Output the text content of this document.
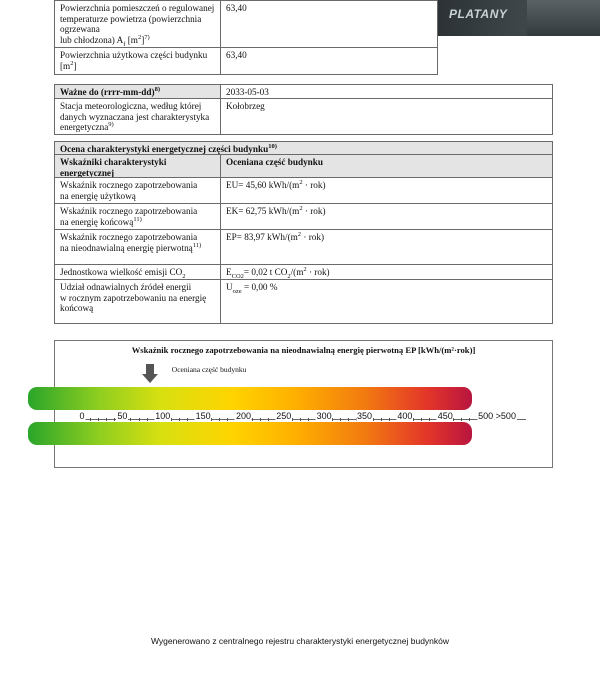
PLATANY
Powierzchnia pomieszczeń o regulowanej
temperaturze powietrza (powierzchnia
ogrzewana
lub chłodzona) $A_f$ $[m^2]^{7)}$
63,40
Powierzchnia użytkowa części budynku
$[m^2]$
63,40
Ważne do (rrrr-mm-dd)$^{8)}$	2033-05-03
Stacja meteorologiczna, według której
danych wyznaczana jest charakterystyka
energetyczna$^{9)}$
Kołobrzeg
Ocena charakterystyki energetycznej części budynku$^{10)}$
Wskaźniki charakterystyki
energetycznej
Oceniana część budynku
Wskaźnik rocznego zapotrzebowania
na energię użytkową
EU= 45,60 kWh/$(m^2 \cdot rok)$
Wskaźnik rocznego zapotrzebowania
na energię końcową$^{11)}$
EK= 62,75 kWh/$(m^2 \cdot rok)$
Wskaźnik rocznego zapotrzebowania
na nieodnawialną energię pierwotną$^{11)}$
EP= 83,97 kWh/$(m^2 \cdot rok)$
Jednostkowa wielkość emisji $CO_2$	$E_{CO2}= 0,02$ t $CO_2/(m^2 \cdot rok)$
Udział odnawialnych źródeł energii
w rocznym zapotrzebowaniu na energię
końcową
$U_{oze} = 0,00$ %
Wskaźnik rocznego zapotrzebowania na nieodnawialną energię pierwotną EP [kWh/(m²·rok)]
Oceniana część budynku
0	50	100	150	200	250	300	350	400	450	500 >500
Wygenerowano z centralnego rejestru charakterystyki energetycznej budynków
